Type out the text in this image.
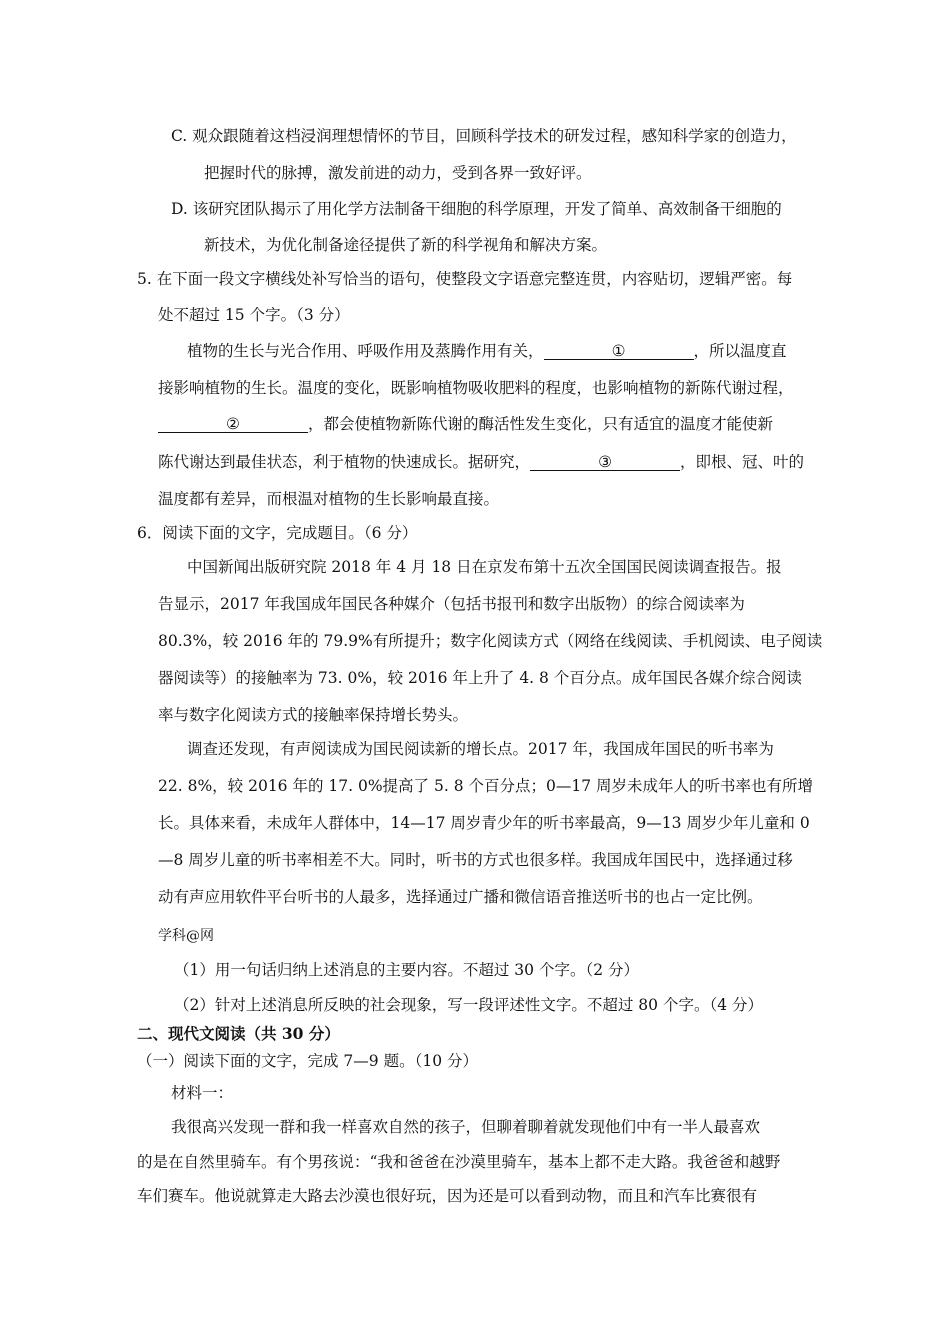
C. 观众跟随着这档浸润理想情怀的节目，回顾科学技术的研发过程，感知科学家的创造力，
把握时代的脉搏，激发前进的动力，受到各界一致好评。
D. 该研究团队揭示了用化学方法制备干细胞的科学原理，开发了简单、高效制备干细胞的
新技术，为优化制备途径提供了新的科学视角和解决方案。
5. 在下面一段文字横线处补写恰当的语句，使整段文字语意完整连贯，内容贴切，逻辑严密。每
处不超过 15 个字。（3 分）
植物的生长与光合作用、呼吸作用及蒸腾作用有关，	①	，所以温度直
接影响植物的生长。温度的变化，既影响植物吸收肥料的程度，也影响植物的新陈代谢过程，
②	，都会使植物新陈代谢的酶活性发生变化，只有适宜的温度才能使新
陈代谢达到最佳状态，利于植物的快速成长。据研究，	③	，即根、冠、叶的
温度都有差异，而根温对植物的生长影响最直接。
6．阅读下面的文字，完成题目。（6 分）
中国新闻出版研究院 2018 年 4 月 18 日在京发布第十五次全国国民阅读调查报告。报
告显示，2017 年我国成年国民各种媒介（包括书报刊和数字出版物）的综合阅读率为
80.3%，较 2016 年的 79.9%有所提升；数字化阅读方式（网络在线阅读、手机阅读、电子阅读
器阅读等）的接触率为 73. 0%，较 2016 年上升了 4. 8 个百分点。成年国民各媒介综合阅读
率与数字化阅读方式的接触率保持增长势头。
调查还发现，有声阅读成为国民阅读新的增长点。2017 年，我国成年国民的听书率为
22. 8%，较 2016 年的 17. 0%提高了 5. 8 个百分点；0—17 周岁未成年人的听书率也有所增
长。具体来看，未成年人群体中，14—17 周岁青少年的听书率最高，9—13 周岁少年儿童和 0
—8 周岁儿童的听书率相差不大。同时，听书的方式也很多样。我国成年国民中，选择通过移
动有声应用软件平台听书的人最多，选择通过广播和微信语音推送听书的也占一定比例。
学科@网
（1）用一句话归纳上述消息的主要内容。不超过 30 个字。（2 分）
（2）针对上述消息所反映的社会现象，写一段评述性文字。不超过 80 个字。（4 分）
二、现代文阅读（共 30 分）
（一）阅读下面的文字，完成 7—9 题。（10 分）
材料一：
我很高兴发现一群和我一样喜欢自然的孩子，但聊着聊着就发现他们中有一半人最喜欢
的是在自然里骑车。有个男孩说：“我和爸爸在沙漠里骑车，基本上都不走大路。我爸爸和越野
车们赛车。他说就算走大路去沙漠也很好玩，因为还是可以看到动物，而且和汽车比赛很有
